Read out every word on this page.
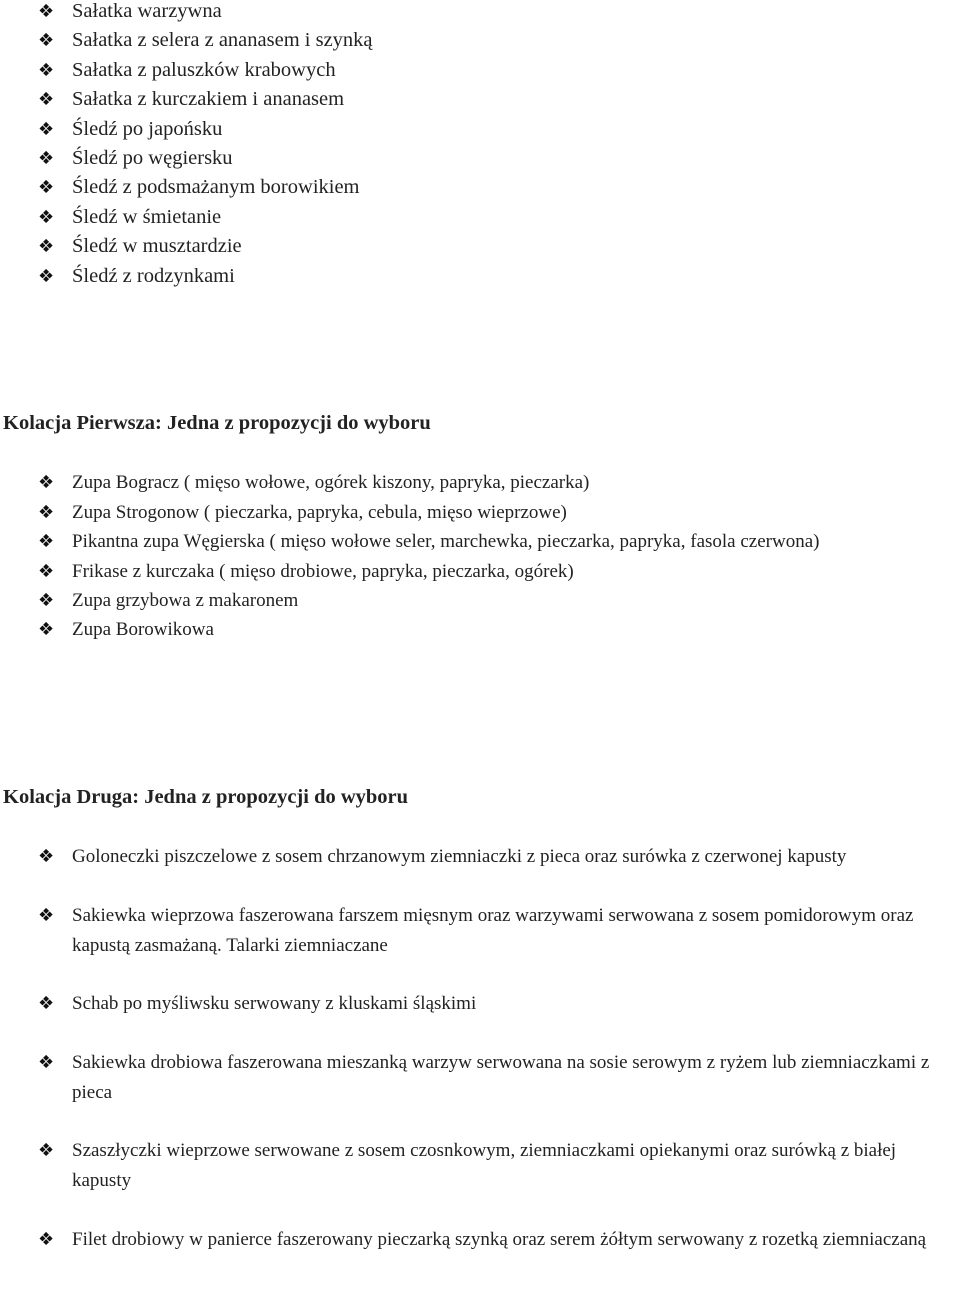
❖ Sałatka warzywna
❖ Sałatka z selera z ananasem i szynką
❖ Sałatka z paluszków krabowych
❖ Sałatka z kurczakiem i ananasem
❖ Śledź po japońsku
❖ Śledź po węgiersku
❖ Śledź z podsmażanym borowikiem
❖ Śledź w śmietanie
❖ Śledź w musztardzie
❖ Śledź z rodzynkami
Kolacja Pierwsza: Jedna z propozycji do wyboru
❖ Zupa Bogracz ( mięso wołowe, ogórek kiszony, papryka, pieczarka)
❖ Zupa Strogonow ( pieczarka, papryka, cebula, mięso wieprzowe)
❖ Pikantna zupa Węgierska ( mięso wołowe seler, marchewka, pieczarka, papryka, fasola czerwona)
❖ Frikase z kurczaka ( mięso drobiowe, papryka, pieczarka, ogórek)
❖ Zupa grzybowa z makaronem
❖ Zupa Borowikowa
Kolacja Druga: Jedna z propozycji do wyboru
❖ Goloneczki piszczelowe z sosem chrzanowym ziemniaczki z pieca oraz surówka z czerwonej kapusty
❖ Sakiewka wieprzowa faszerowana farszem mięsnym oraz warzywami serwowana z sosem pomidorowym oraz kapustą zasmażaną. Talarki ziemniaczane
❖ Schab po myśliwsku serwowany z kluskami śląskimi
❖ Sakiewka drobiowa faszerowana mieszanką warzyw serwowana na sosie serowym z ryżem lub ziemniaczkami z pieca
❖ Szaszłyczki wieprzowe serwowane z sosem czosnkowym, ziemniaczkami opiekanymi oraz surówką z białej kapusty
❖ Filet drobiowy w panierce faszerowany pieczarką szynką oraz serem żółtym serwowany z rozetką ziemniaczaną
